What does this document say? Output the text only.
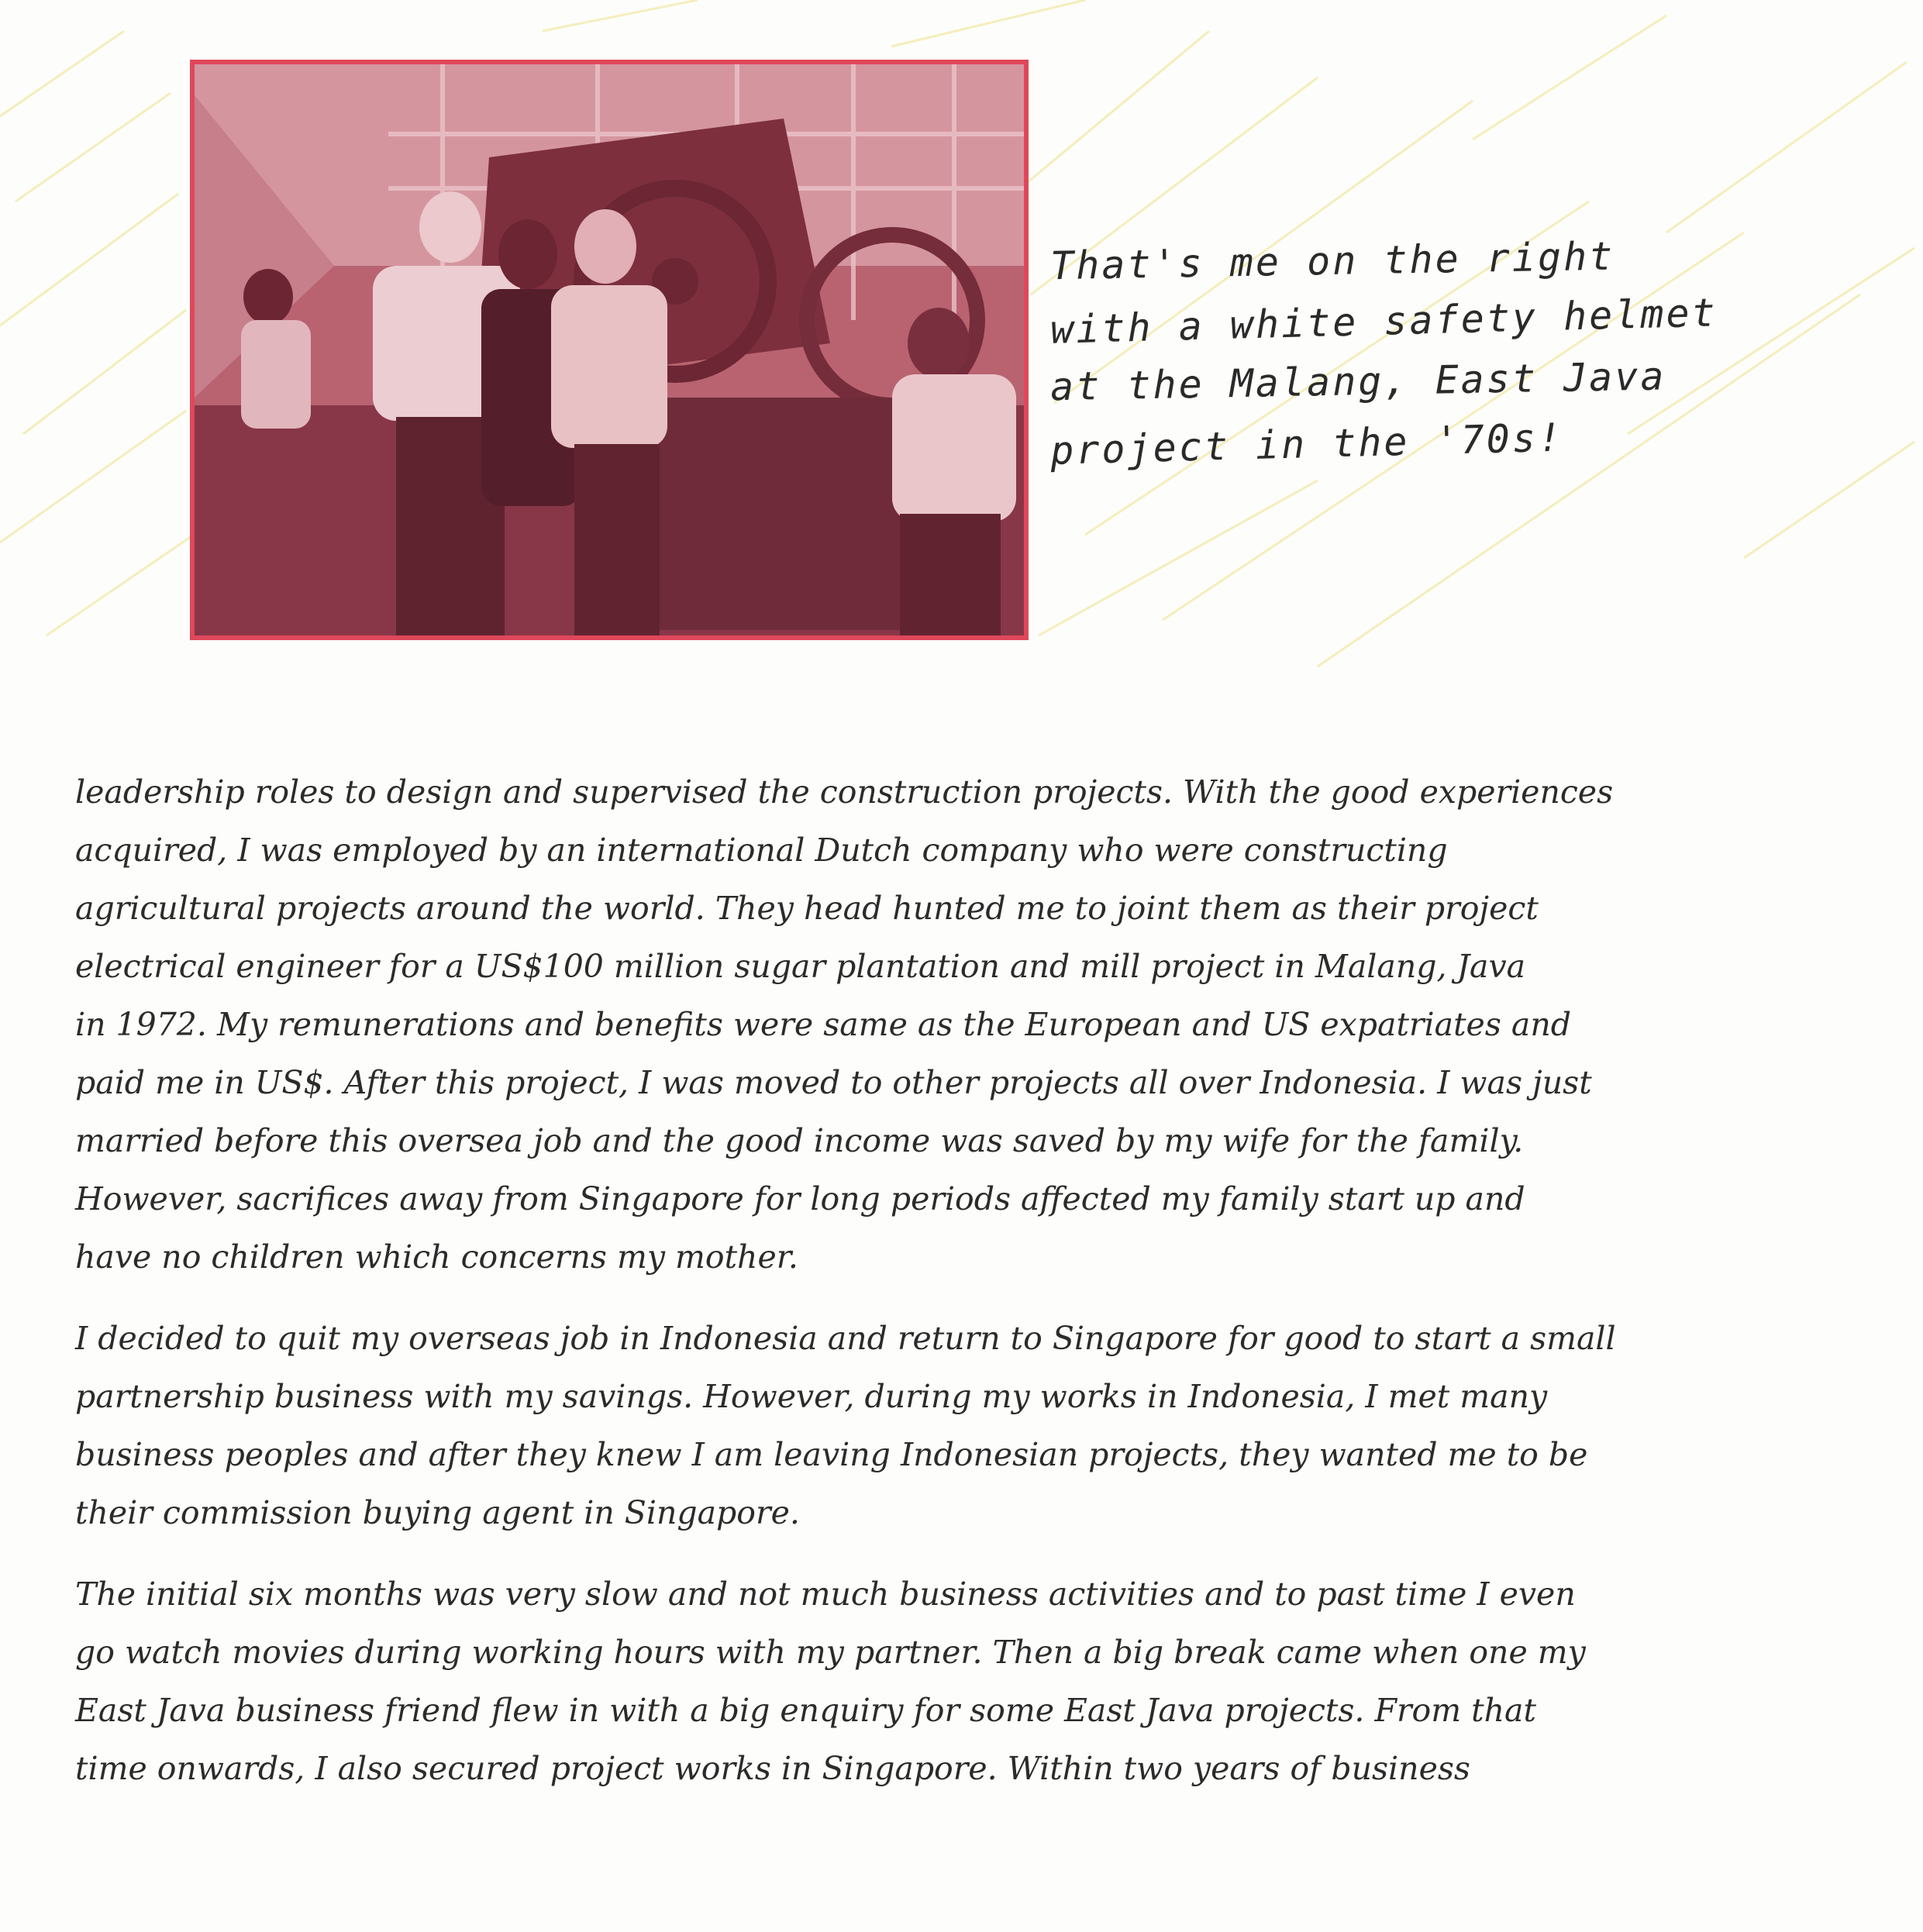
That's me on the right
with a white safety helmet
at the Malang, East Java
project in the '70s!

leadership roles to design and supervised the construction projects. With the good experiences
acquired, I was employed by an international Dutch company who were constructing
agricultural projects around the world. They head hunted me to joint them as their project
electrical engineer for a US$100 million sugar plantation and mill project in Malang, Java
in 1972. My remunerations and benefits were same as the European and US expatriates and
paid me in US$. After this project, I was moved to other projects all over Indonesia. I was just
married before this oversea job and the good income was saved by my wife for the family.
However, sacrifices away from Singapore for long periods affected my family start up and
have no children which concerns my mother.

I decided to quit my overseas job in Indonesia and return to Singapore for good to start a small
partnership business with my savings. However, during my works in Indonesia, I met many
business peoples and after they knew I am leaving Indonesian projects, they wanted me to be
their commission buying agent in Singapore.

The initial six months was very slow and not much business activities and to past time I even
go watch movies during working hours with my partner. Then a big break came when one my
East Java business friend flew in with a big enquiry for some East Java projects. From that
time onwards, I also secured project works in Singapore. Within two years of business
